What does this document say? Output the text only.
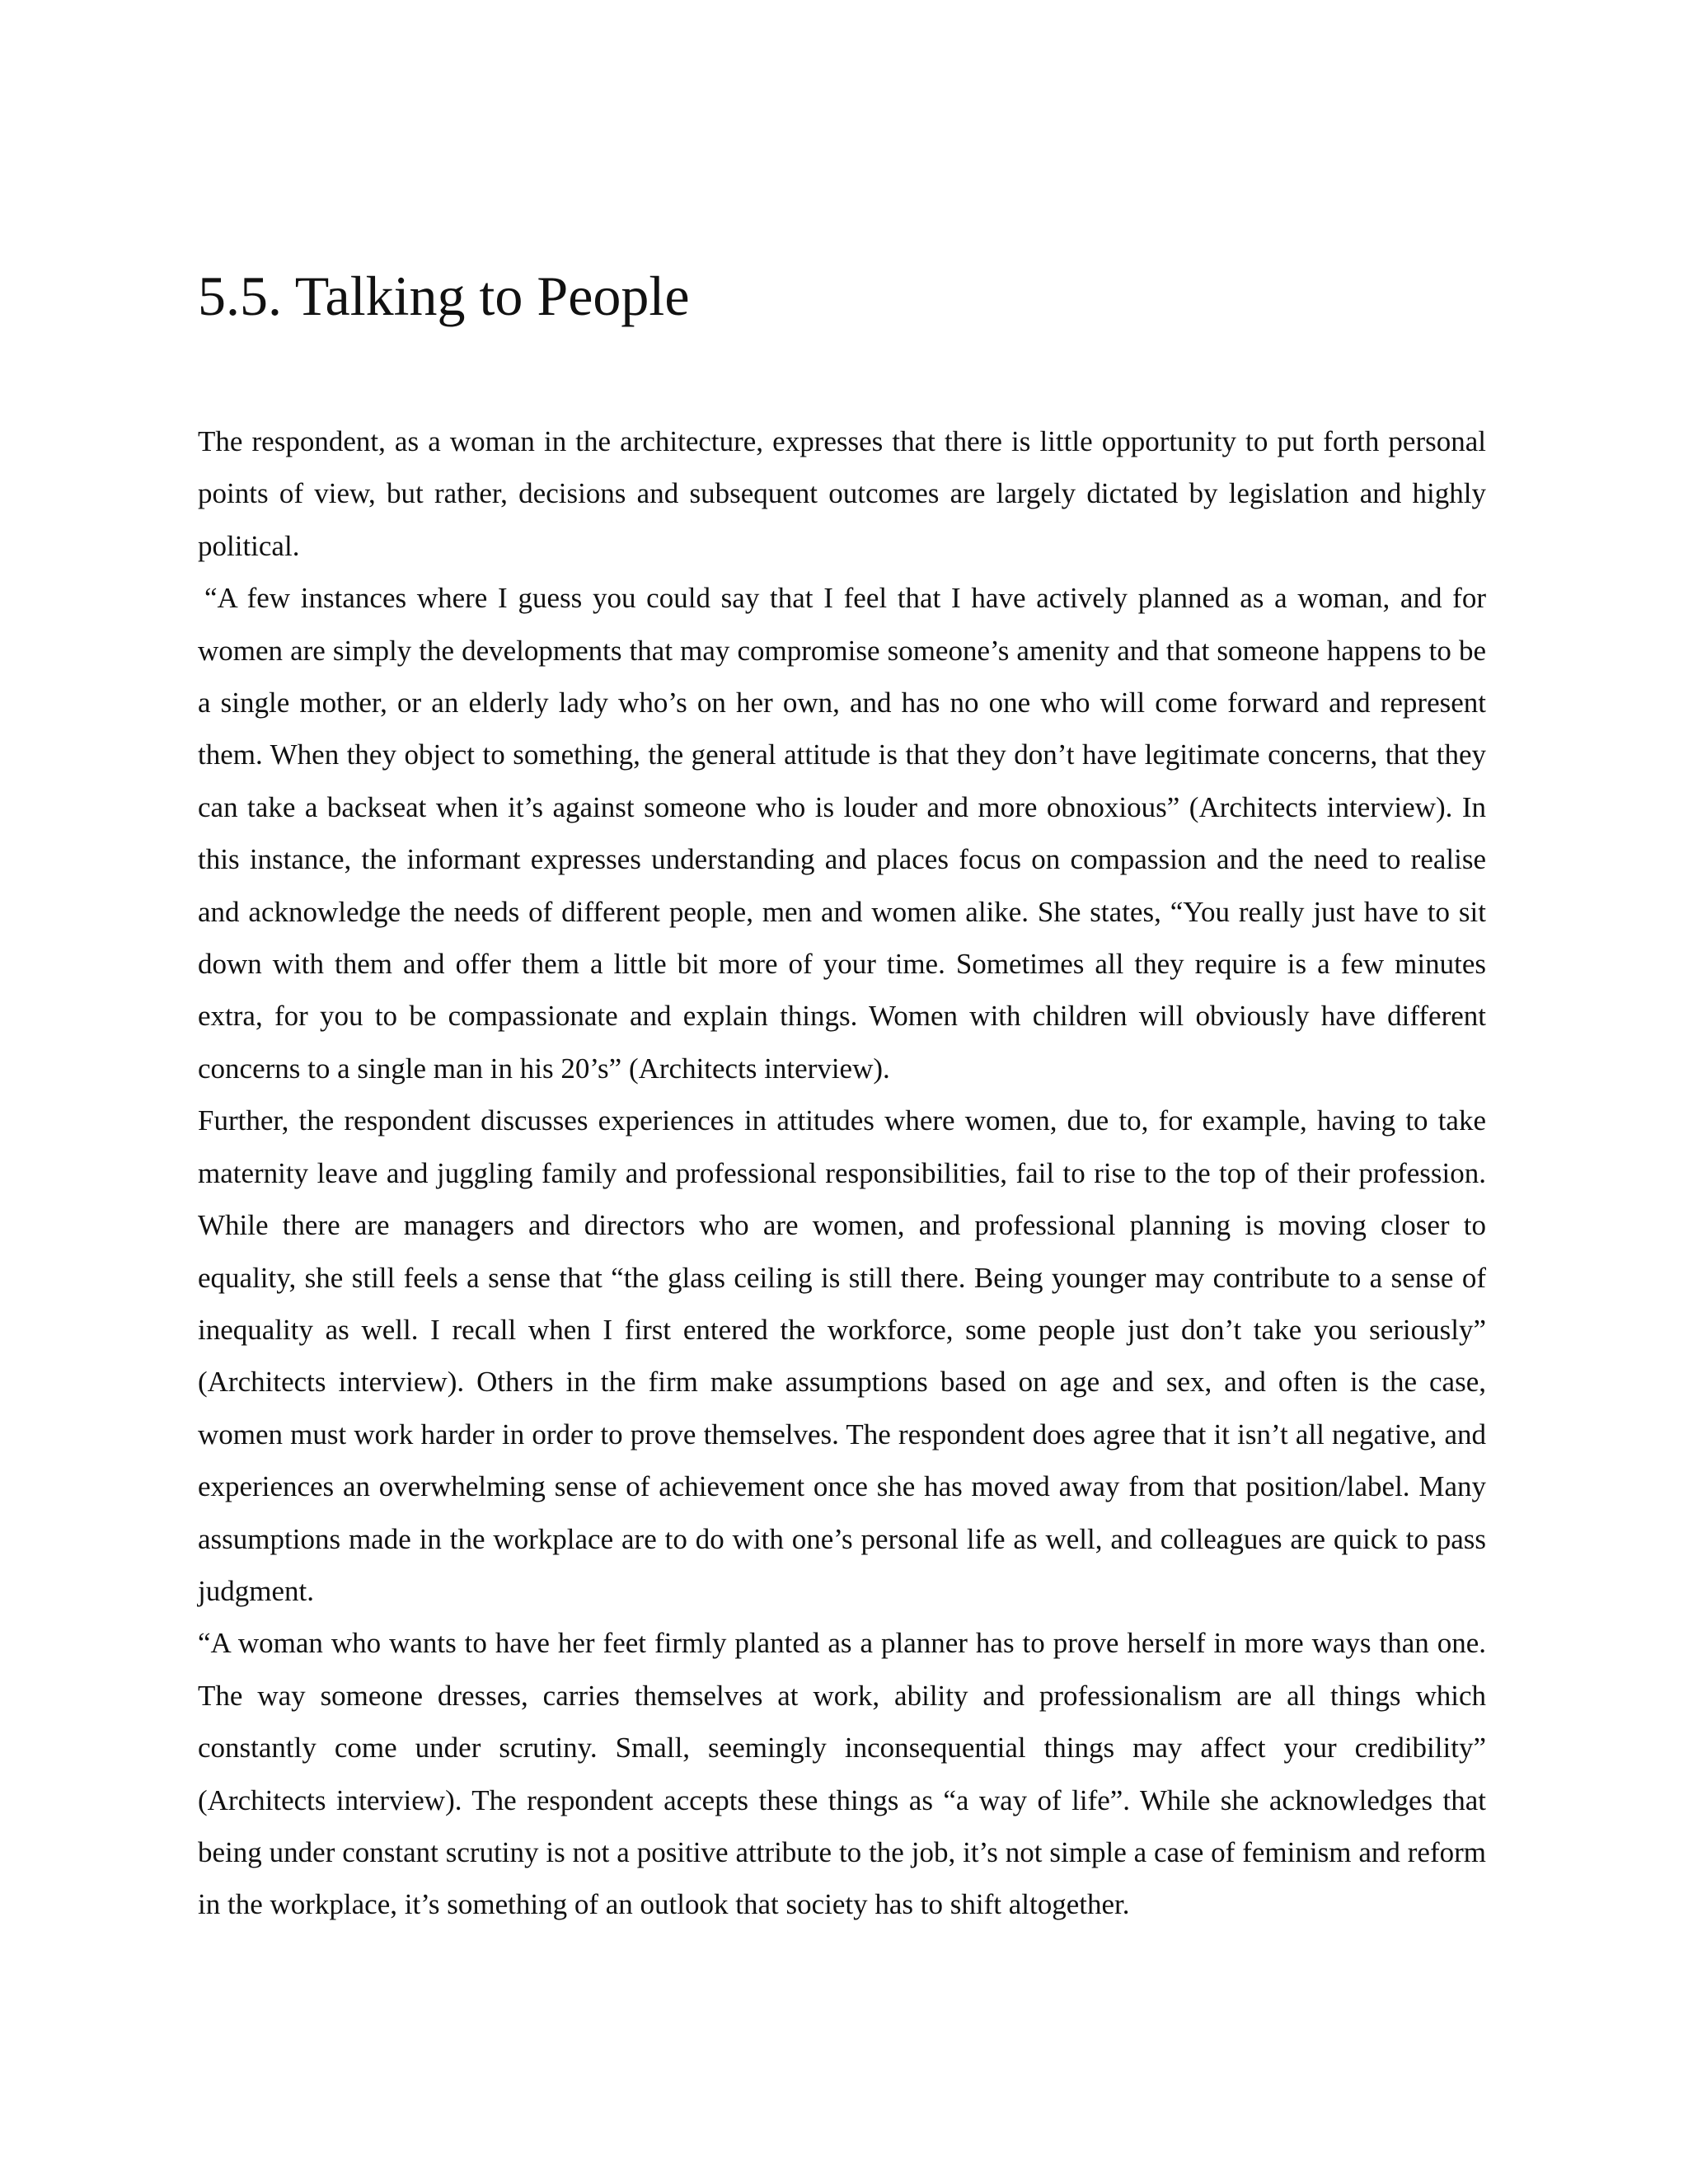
5.5. Talking to People

The respondent, as a woman in the architecture, expresses that there is little opportunity to put forth personal points of view, but rather, decisions and subsequent outcomes are largely dictated by legislation and highly political.

“A few instances where I guess you could say that I feel that I have actively planned as a woman, and for women are simply the developments that may compromise someone’s amenity and that someone happens to be a single mother, or an elderly lady who’s on her own, and has no one who will come forward and represent them. When they object to something, the general attitude is that they don’t have legitimate concerns, that they can take a backseat when it’s against someone who is louder and more obnoxious” (Architects interview). In this instance, the informant expresses understanding and places focus on compassion and the need to realise and acknowledge the needs of different people, men and women alike. She states, “You really just have to sit down with them and offer them a little bit more of your time. Sometimes all they require is a few minutes extra, for you to be compassionate and explain things. Women with children will obviously have different concerns to a single man in his 20’s” (Architects interview).

Further, the respondent discusses experiences in attitudes where women, due to, for example, having to take maternity leave and juggling family and professional responsibilities, fail to rise to the top of their profession. While there are managers and directors who are women, and professional planning is moving closer to equality, she still feels a sense that “the glass ceiling is still there. Being younger may contribute to a sense of inequality as well. I recall when I first entered the workforce, some people just don’t take you seriously” (Architects interview). Others in the firm make assumptions based on age and sex, and often is the case, women must work harder in order to prove themselves. The respondent does agree that it isn’t all negative, and experiences an overwhelming sense of achievement once she has moved away from that position/label. Many assumptions made in the workplace are to do with one’s personal life as well, and colleagues are quick to pass judgment.

“A woman who wants to have her feet firmly planted as a planner has to prove herself in more ways than one. The way someone dresses, carries themselves at work, ability and professionalism are all things which constantly come under scrutiny. Small, seemingly inconsequential things may affect your credibility” (Architects interview). The respondent accepts these things as “a way of life”. While she acknowledges that being under constant scrutiny is not a positive attribute to the job, it’s not simple a case of feminism and reform in the workplace, it’s something of an outlook that society has to shift altogether.
